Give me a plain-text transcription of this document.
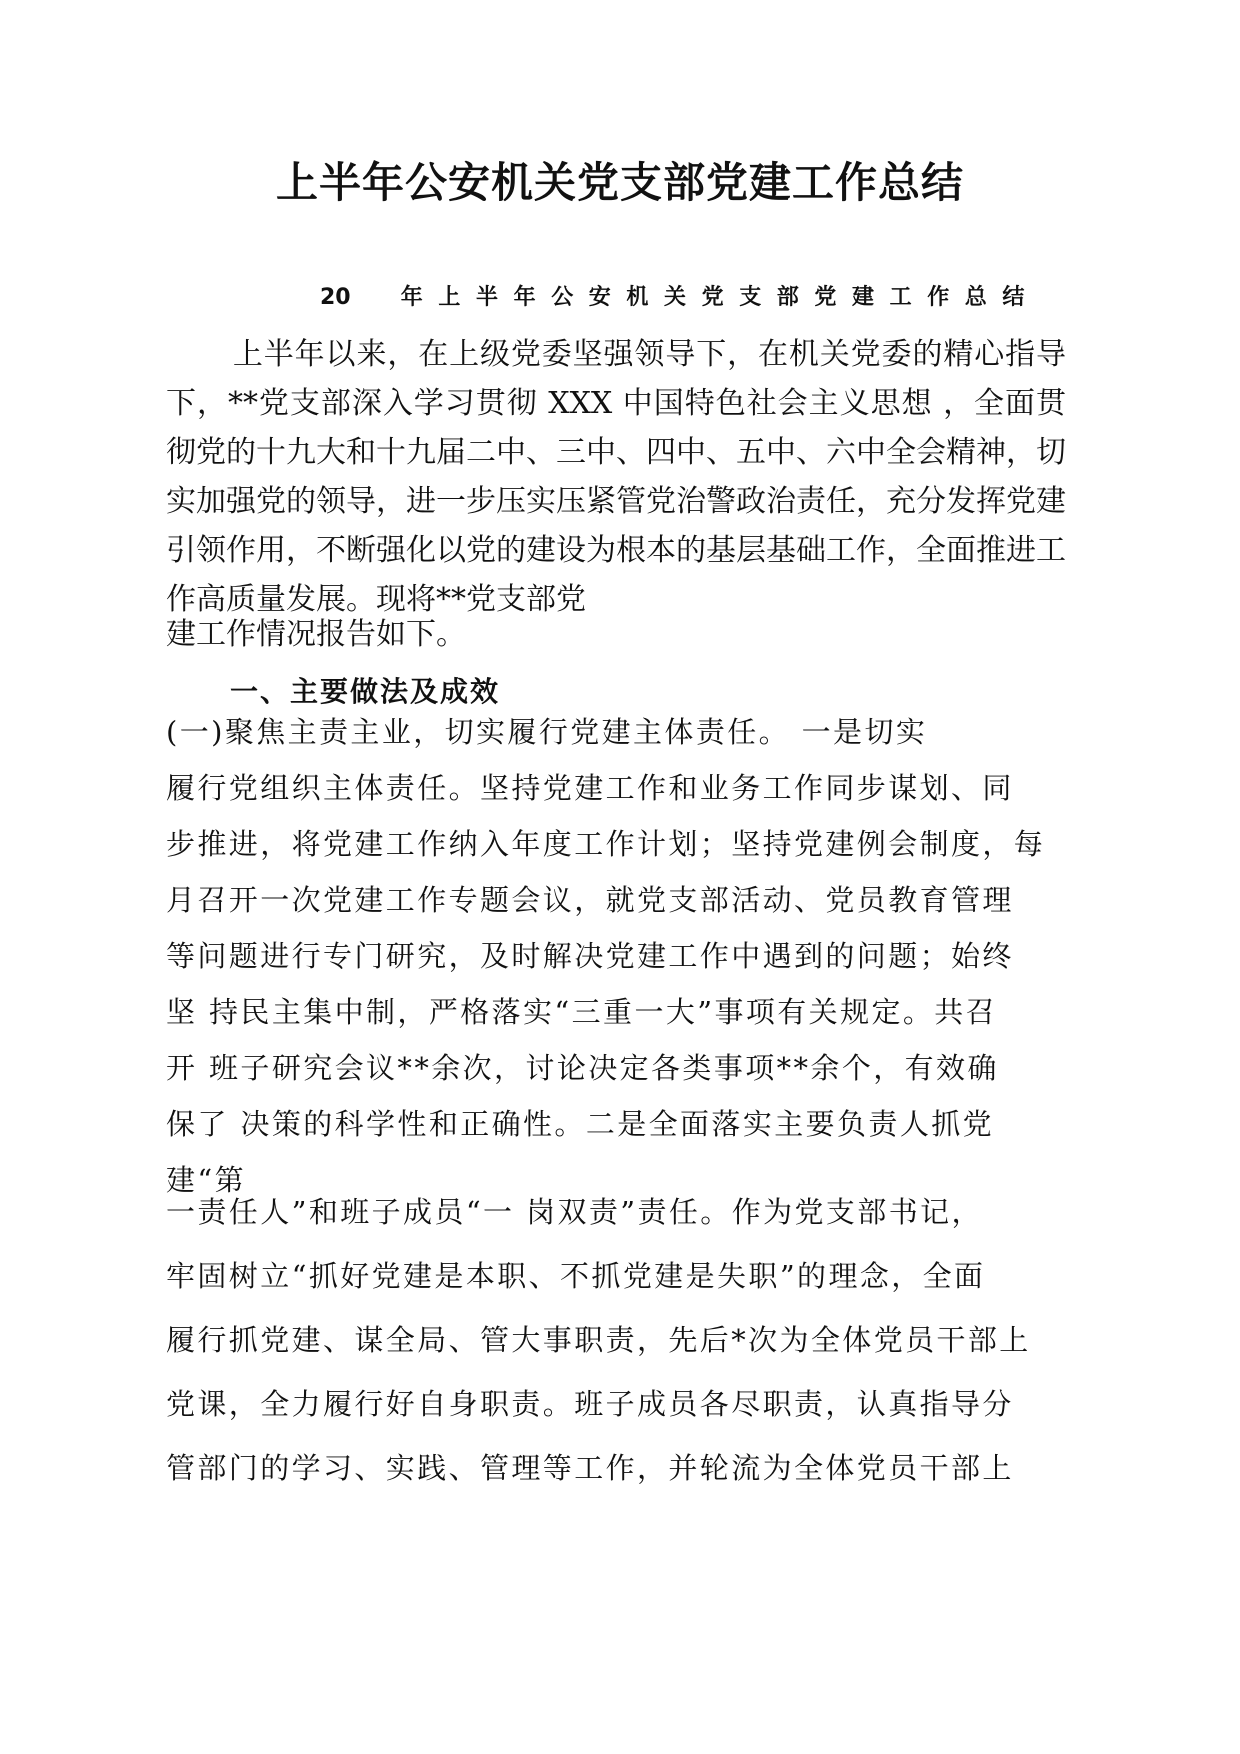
上半年公安机关党支部党建工作总结
20	年上半年公安机关党支部党建工作总结
上半年以来，在上级党委坚强领导下，在机关党委的精心指导下，**党支部深入学习贯彻 XXX 中国特色社会主义思想 ，全面贯彻党的十九大和十九届二中、三中、四中、五中、六中全会精神，切实加强党的领导，进一步压实压紧管党治警政治责任，充分发挥党建引领作用，不断强化以党的建设为根本的基层基础工作，全面推进工作高质量发展。现将**党支部党
建工作情况报告如下。
一、主要做法及成效
(一)聚焦主责主业，切实履行党建主体责任。 一是切实
履行党组织主体责任。坚持党建工作和业务工作同步谋划、同
步推进，将党建工作纳入年度工作计划；坚持党建例会制度，每
月召开一次党建工作专题会议，就党支部活动、党员教育管理
等问题进行专门研究，及时解决党建工作中遇到的问题；始终
坚 持民主集中制，严格落实“三重一大”事项有关规定。共召
开 班子研究会议**余次，讨论决定各类事项**余个，有效确
保了 决策的科学性和正确性。二是全面落实主要负责人抓党
建“第
一责任人”和班子成员“一 岗双责”责任。作为党支部书记，
牢固树立“抓好党建是本职、不抓党建是失职”的理念，全面
履行抓党建、谋全局、管大事职责，先后*次为全体党员干部上
党课，全力履行好自身职责。班子成员各尽职责，认真指导分
管部门的学习、实践、管理等工作，并轮流为全体党员干部上
